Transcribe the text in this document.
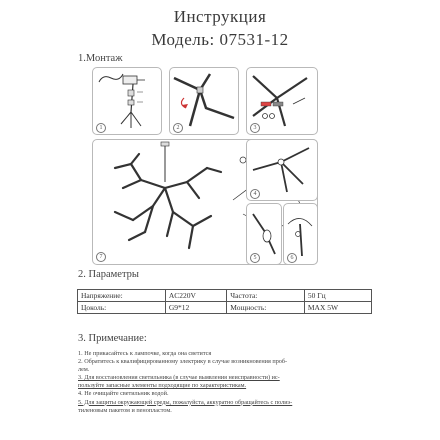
Инструкция
Модель: 07531-12
1.Монтаж
1	2	3
7
4
5	6
2. Параметры
Напряжение:	AC220V	Частота:	50 Гц
Цоколь:	G9*12	Мощность:	MAX 5W
3. Примечание:

1. Не прикасайтесь к лампочке, когда она светится

2. Обратитесь к квалифицированному электрику в случае возникновения проб-

лем.

3. Для восстановления светильника (в случае выявления неисправности) ис-

пользуйте запасные элементы подходящие по характеристикам.

4. Не очищайте светильник водой.

5. Для защиты окружающей среды, пожалуйста, аккуратно обращайтесь с полиэ-

тиленовым пакетом и пенопластом.
